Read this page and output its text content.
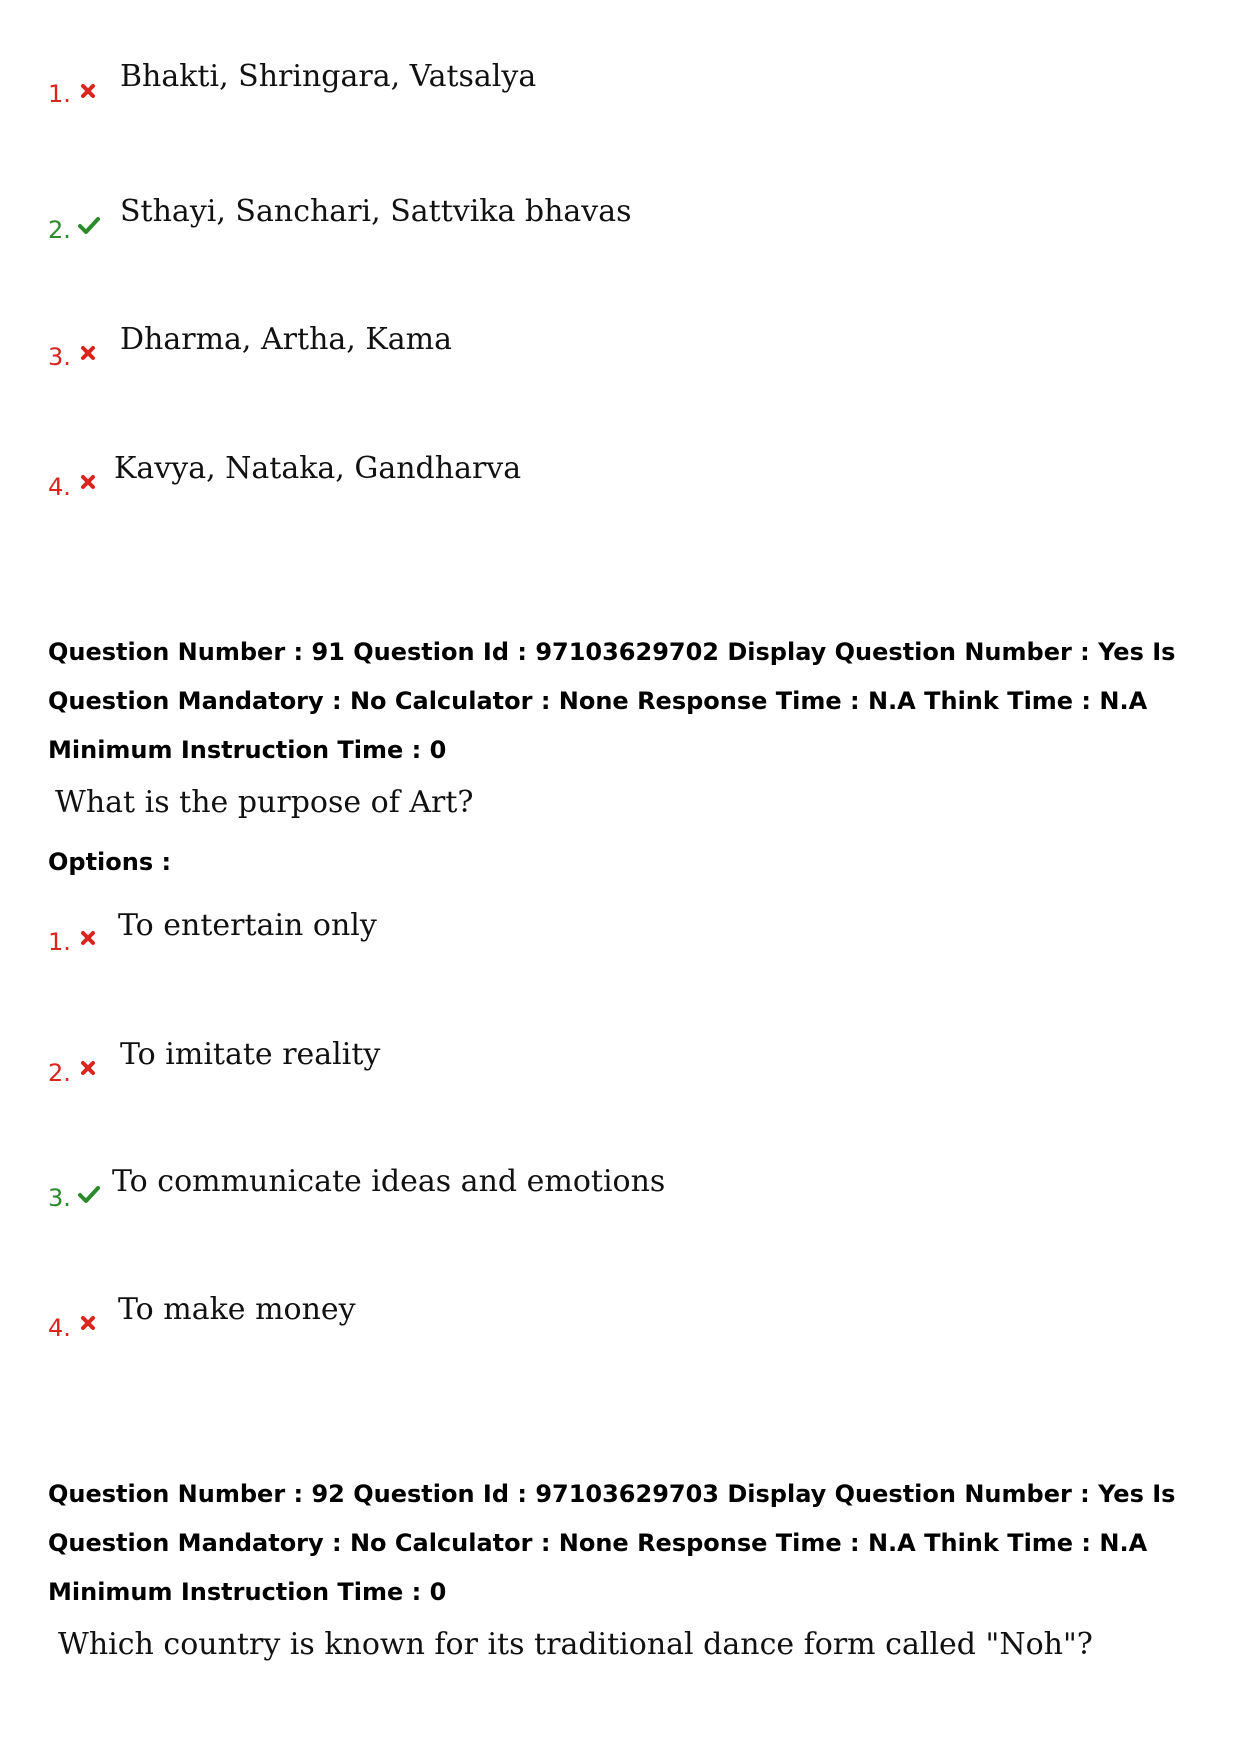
1. Bhakti, Shringara, Vatsalya
2.
Sthayi, Sanchari, Sattvika bhavas
3. Dharma, Artha, Kama
4.
Kavya, Nataka, Gandharva
Question Number : 91 Question Id : 97103629702 Display Question Number : Yes Is Question Mandatory : No Calculator : None Response Time : N.A Think Time : N.A Minimum Instruction Time : 0
What is the purpose of Art?
Options :
1. To entertain only
2.
To imitate reality
3. To communicate ideas and emotions
4.
To make money
Question Number : 92 Question Id : 97103629703 Display Question Number : Yes Is Question Mandatory : No Calculator : None Response Time : N.A Think Time : N.A Minimum Instruction Time : 0
Which country is known for its traditional dance form called "Noh"?
